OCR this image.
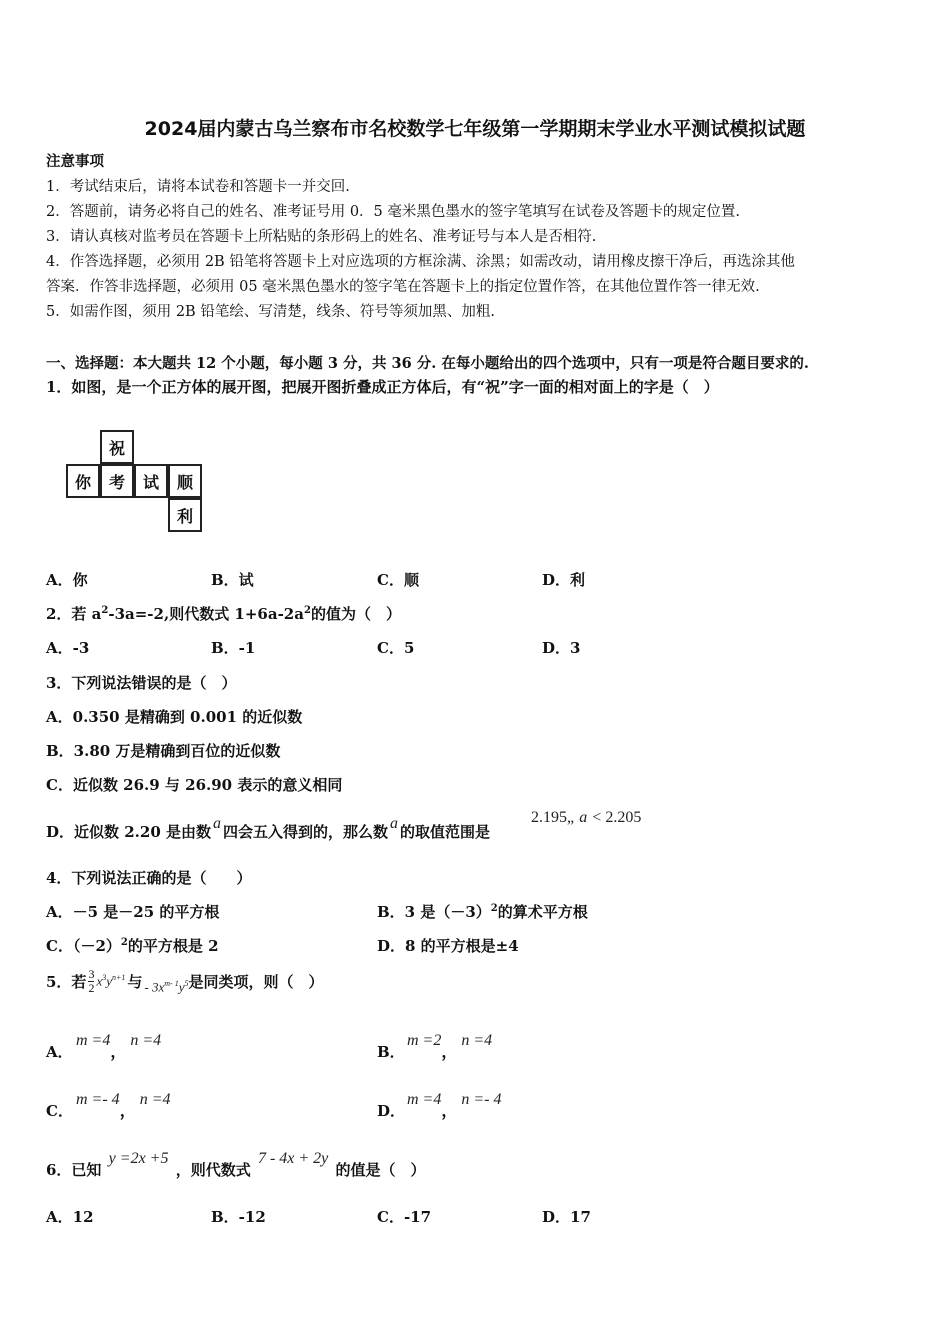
2024届内蒙古乌兰察布市名校数学七年级第一学期期末学业水平测试模拟试题
注意事项
1．考试结束后，请将本试卷和答题卡一并交回.
2．答题前，请务必将自己的姓名、准考证号用 0．5 毫米黑色墨水的签字笔填写在试卷及答题卡的规定位置.
3．请认真核对监考员在答题卡上所粘贴的条形码上的姓名、准考证号与本人是否相符.
4．作答选择题，必须用 2B 铅笔将答题卡上对应选项的方框涂满、涂黑；如需改动，请用橡皮擦干净后，再选涂其他
答案．作答非选择题，必须用 05 毫米黑色墨水的签字笔在答题卡上的指定位置作答，在其他位置作答一律无效.
5．如需作图，须用 2B 铅笔绘、写清楚，线条、符号等须加黑、加粗.
一、选择题：本大题共 12 个小题，每小题 3 分，共 36 分. 在每小题给出的四个选项中，只有一项是符合题目要求的.
1．如图，是一个正方体的展开图，把展开图折叠成正方体后，有“祝”字一面的相对面上的字是（　）
祝
你	考	试	顺
利
A．你	B．试	C．顺	D．利
2．若 $a^2-3a=-2$,则代数式 $1+6a-2a^2$的值为（　）
A．-3	B．-1	C．5	D．3
3．下列说法错误的是（　）
A．0.350 是精确到 0.001 的近似数
B．3.80 万是精确到百位的近似数
C．近似数 26.9 与 26.90 表示的意义相同
D．近似数 2.20 是由数 a 四会五入得到的，那么数 a 的取值范围是
2.195„ a < 2.205
4．下列说法正确的是（　　）
A．－5 是－25 的平方根	B．3 是$(-3)^2$的算术平方根
C．$(-2)^2$的平方根是 2	D．8 的平方根是±4
5．若 $\frac{3}{2} x^3y^{n+1}$ 与 - $3x^{m- 1}y^5$ 是同类项，则（　）
A．
m =4，n =4
B．
m =2，n =4
C．
m =- 4，n =4
D．
m =4，n =- 4
6．已知 y =2x +5 ，则代数式 7 - 4x + 2y 的值是（　）
A．12	B．-12	C．-17	D．17
